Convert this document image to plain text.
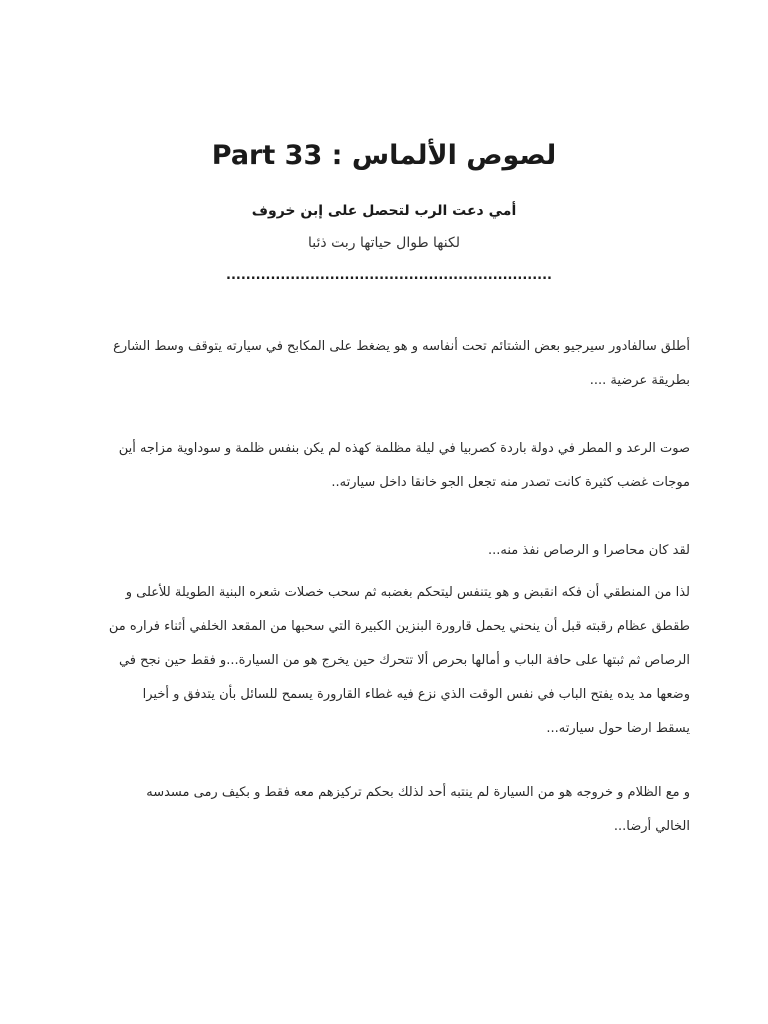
لصوص الألماس : Part 33
أمي دعت الرب لتحصل على إبن خروف
لكنها طوال حياتها ربت ذئبا
..................................................................
أطلق سالفادور سيرجيو بعض الشتائم تحت أنفاسه و هو يضغط على المكابح في سيارته يتوقف وسط الشارع بطريقة عرضية ....
صوت الرعد و المطر في دولة باردة كصربيا في ليلة مظلمة كهذه لم يكن بنفس ظلمة و سوداوية مزاجه أين موجات غضب كثيرة كانت تصدر منه تجعل الجو خانقا داخل سيارته..
لقد كان محاصرا و الرصاص نفذ منه...
لذا من المنطقي أن فكه انقبض و هو يتنفس ليتحكم بغضبه ثم سحب خصلات شعره البنية الطويلة للأعلى و طقطق عظام رقبته قبل أن ينحني يحمل قارورة البنزين الكبيرة التي سحبها من المقعد الخلفي أثناء فراره من الرصاص ثم ثبتها على حافة الباب و أمالها بحرص ألا تتحرك حين يخرج هو من السيارة...و فقط حين نجح في وضعها مد يده يفتح الباب في نفس الوقت الذي نزع فيه غطاء القارورة يسمح للسائل بأن يتدفق و أخيرا يسقط ارضا حول سيارته...
و مع الظلام و خروجه هو من السيارة لم ينتبه أحد لذلك بحكم تركيزهم معه فقط و بكيف رمى مسدسه الخالي أرضا...
